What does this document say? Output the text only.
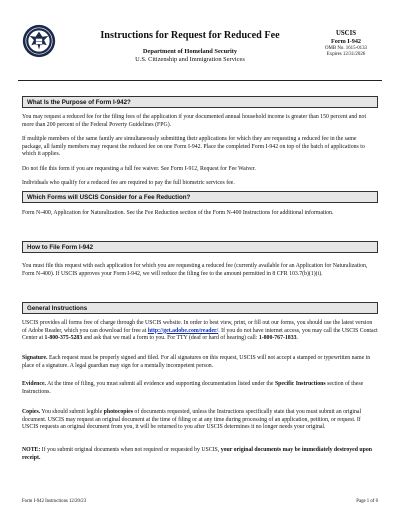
Instructions for Request for Reduced Fee
Department of Homeland Security
U.S. Citizenship and Immigration Services
USCIS
Form I-942
OMB No. 1615-0133
Expires 12/31/2026
What Is the Purpose of Form I-942?
You may request a reduced fee for the filing fees of the application if your documented annual household income is greater than 150 percent and not more than 200 percent of the Federal Poverty Guidelines (FPG).
If multiple members of the same family are simultaneously submitting their applications for which they are requesting a reduced fee in the same package, all family members may request the reduced fee on one Form I-942. Place the completed Form I-942 on top of the batch of applications to which it applies.
Do not file this form if you are requesting a full fee waiver. See Form I-912, Request for Fee Waiver.
Individuals who qualify for a reduced fee are required to pay the full biometric services fee.
Which Forms will USCIS Consider for a Fee Reduction?
Form N-400, Application for Naturalization. See the Fee Reduction section of the Form N-400 Instructions for additional information.
How to File Form I-942
You must file this request with each application for which you are requesting a reduced fee (currently available for an Application for Naturalization, Form N-400). If USCIS approves your Form I-942, we will reduce the filing fee to the amount permitted in 8 CFR 103.7(b)(1)(i).
General Instructions
USCIS provides all forms free of charge through the USCIS website. In order to best view, print, or fill out our forms, you should use the latest version of Adobe Reader, which you can download for free at http://get.adobe.com/reader/. If you do not have internet access, you may call the USCIS Contact Center at 1-800-375-5283 and ask that we mail a form to you. For TTY (deaf or hard of hearing) call: 1-800-767-1833.
Signature. Each request must be properly signed and filed. For all signatures on this request, USCIS will not accept a stamped or typewritten name in place of a signature. A legal guardian may sign for a mentally incompetent person.
Evidence. At the time of filing, you must submit all evidence and supporting documentation listed under the Specific Instructions section of these Instructions.
Copies. You should submit legible photocopies of documents requested, unless the Instructions specifically state that you must submit an original document. USCIS may request an original document at the time of filing or at any time during processing of an application, petition, or request. If USCIS requests an original document from you, it will be returned to you after USCIS determines it no longer needs your original.
NOTE: If you submit original documents when not required or requested by USCIS, your original documents may be immediately destroyed upon receipt.
Form I-942 Instructions 12/20/23	Page 1 of 6
